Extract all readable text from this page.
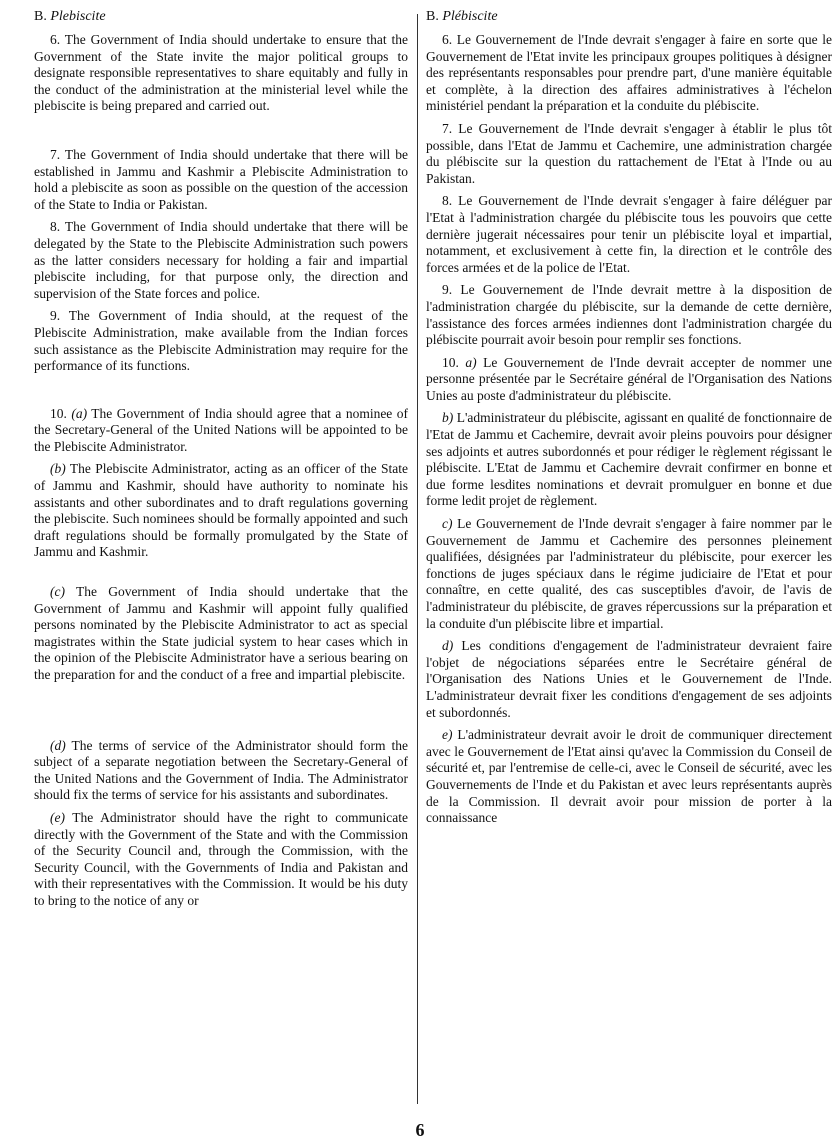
B. Plebiscite

6. The Government of India should undertake to ensure that the Government of the State invite the major political groups to designate responsible representatives to share equitably and fully in the conduct of the administration at the ministerial level while the plebiscite is being prepared and carried out.

7. The Government of India should undertake that there will be established in Jammu and Kashmir a Plebiscite Administration to hold a plebiscite as soon as possible on the question of the accession of the State to India or Pakistan.

8. The Government of India should undertake that there will be delegated by the State to the Plebiscite Administration such powers as the latter considers necessary for holding a fair and impartial plebiscite including, for that purpose only, the direction and supervision of the State forces and police.

9. The Government of India should, at the request of the Plebiscite Administration, make available from the Indian forces such assistance as the Plebiscite Administration may require for the performance of its functions.

10. (a) The Government of India should agree that a nominee of the Secretary-General of the United Nations will be appointed to be the Plebiscite Administrator.

(b) The Plebiscite Administrator, acting as an officer of the State of Jammu and Kashmir, should have authority to nominate his assistants and other subordinates and to draft regulations governing the plebiscite. Such nominees should be formally appointed and such draft regulations should be formally promulgated by the State of Jammu and Kashmir.

(c) The Government of India should undertake that the Government of Jammu and Kashmir will appoint fully qualified persons nominated by the Plebiscite Administrator to act as special magistrates within the State judicial system to hear cases which in the opinion of the Plebiscite Administrator have a serious bearing on the preparation for and the conduct of a free and impartial plebiscite.

(d) The terms of service of the Administrator should form the subject of a separate negotiation between the Secretary-General of the United Nations and the Government of India. The Administrator should fix the terms of service for his assistants and subordinates.

(e) The Administrator should have the right to communicate directly with the Government of the State and with the Commission of the Security Council and, through the Commission, with the Security Council, with the Governments of India and Pakistan and with their representatives with the Commission. It would be his duty to bring to the notice of any or

B. Plébiscite

6. Le Gouvernement de l'Inde devrait s'engager à faire en sorte que le Gouvernement de l'Etat invite les principaux groupes politiques à désigner des représentants responsables pour prendre part, d'une manière équitable et complète, à la direction des affaires administratives à l'échelon ministériel pendant la préparation et la conduite du plébiscite.

7. Le Gouvernement de l'Inde devrait s'engager à établir le plus tôt possible, dans l'Etat de Jammu et Cachemire, une administration chargée du plébiscite sur la question du rattachement de l'Etat à l'Inde ou au Pakistan.

8. Le Gouvernement de l'Inde devrait s'engager à faire déléguer par l'Etat à l'administration chargée du plébiscite tous les pouvoirs que cette dernière jugerait nécessaires pour tenir un plébiscite loyal et impartial, notamment, et exclusivement à cette fin, la direction et le contrôle des forces armées et de la police de l'Etat.

9. Le Gouvernement de l'Inde devrait mettre à la disposition de l'administration chargée du plébiscite, sur la demande de cette dernière, l'assistance des forces armées indiennes dont l'administration chargée du plébiscite pourrait avoir besoin pour remplir ses fonctions.

10. a) Le Gouvernement de l'Inde devrait accepter de nommer une personne présentée par le Secrétaire général de l'Organisation des Nations Unies au poste d'administrateur du plébiscite.

b) L'administrateur du plébiscite, agissant en qualité de fonctionnaire de l'Etat de Jammu et Cachemire, devrait avoir pleins pouvoirs pour désigner ses adjoints et autres subordonnés et pour rédiger le règlement régissant le plébiscite. L'Etat de Jammu et Cachemire devrait confirmer en bonne et due forme lesdites nominations et devrait promulguer en bonne et due forme ledit projet de règlement.

c) Le Gouvernement de l'Inde devrait s'engager à faire nommer par le Gouvernement de Jammu et Cachemire des personnes pleinement qualifiées, désignées par l'administrateur du plébiscite, pour exercer les fonctions de juges spéciaux dans le régime judiciaire de l'Etat et pour connaître, en cette qualité, des cas susceptibles d'avoir, de l'avis de l'administrateur du plébiscite, de graves répercussions sur la préparation et la conduite d'un plébiscite libre et impartial.

d) Les conditions d'engagement de l'administrateur devraient faire l'objet de négociations séparées entre le Secrétaire général de l'Organisation des Nations Unies et le Gouvernement de l'Inde. L'administrateur devrait fixer les conditions d'engagement de ses adjoints et subordonnés.

e) L'administrateur devrait avoir le droit de communiquer directement avec le Gouvernement de l'Etat ainsi qu'avec la Commission du Conseil de sécurité et, par l'entremise de celle-ci, avec le Conseil de sécurité, avec les Gouvernements de l'Inde et du Pakistan et avec leurs représentants auprès de la Commission. Il devrait avoir pour mission de porter à la connaissance

6
